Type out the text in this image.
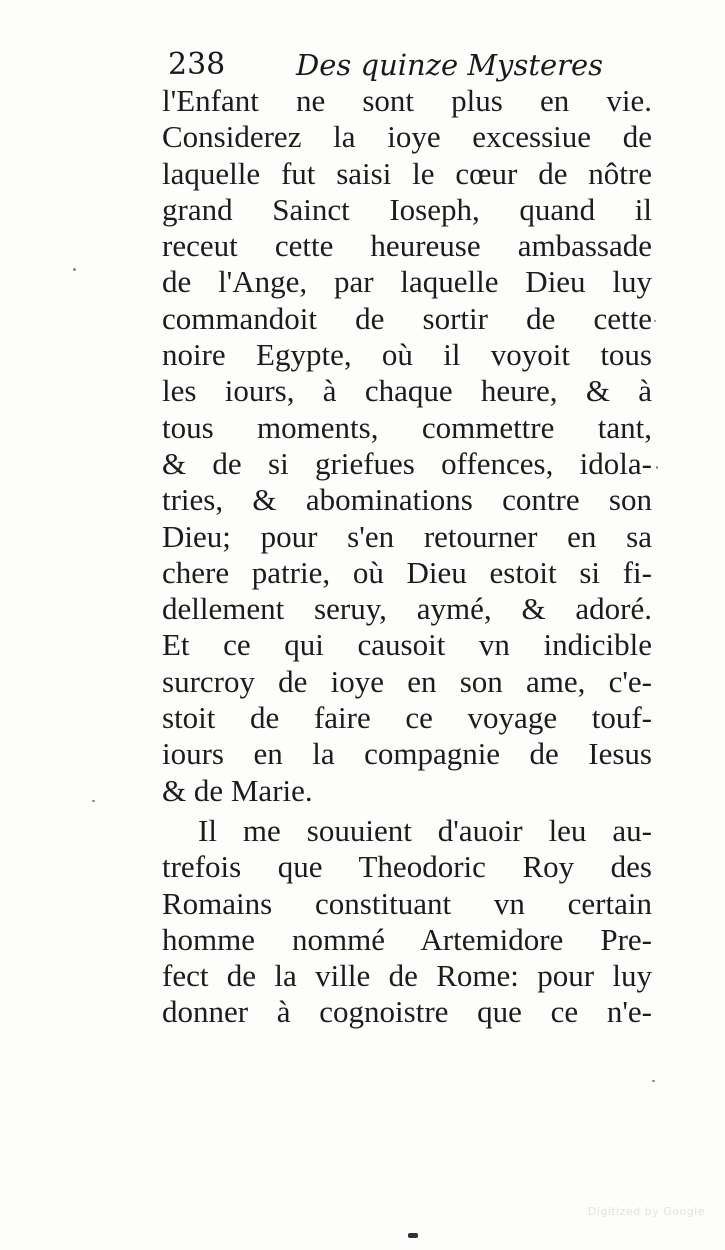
238 Des quinze Mysteres
l'Enfant ne sont plus en vie.
Considerez la ioye excessiue de
laquelle fut saisi le cœur de nôtre
grand Sainct Ioseph, quand il
receut cette heureuse ambassade
de l'Ange, par laquelle Dieu luy
commandoit de sortir de cette
noire Egypte, où il voyoit tous
les iours, à chaque heure, & à
tous moments, commettre tant,
& de si griefues offences, idola-
tries, & abominations contre son
Dieu; pour s'en retourner en sa
chere patrie, où Dieu estoit si fi-
dellement seruy, aymé, & adoré.
Et ce qui causoit vn indicible
surcroy de ioye en son ame, c'e-
stoit de faire ce voyage touf-
iours en la compagnie de Iesus
& de Marie.
Il me souuient d'auoir leu au-
trefois que Theodoric Roy des
Romains constituant vn certain
homme nommé Artemidore Pre-
fect de la ville de Rome: pour luy
donner à cognoistre que ce n'e-
Digitized by Google
